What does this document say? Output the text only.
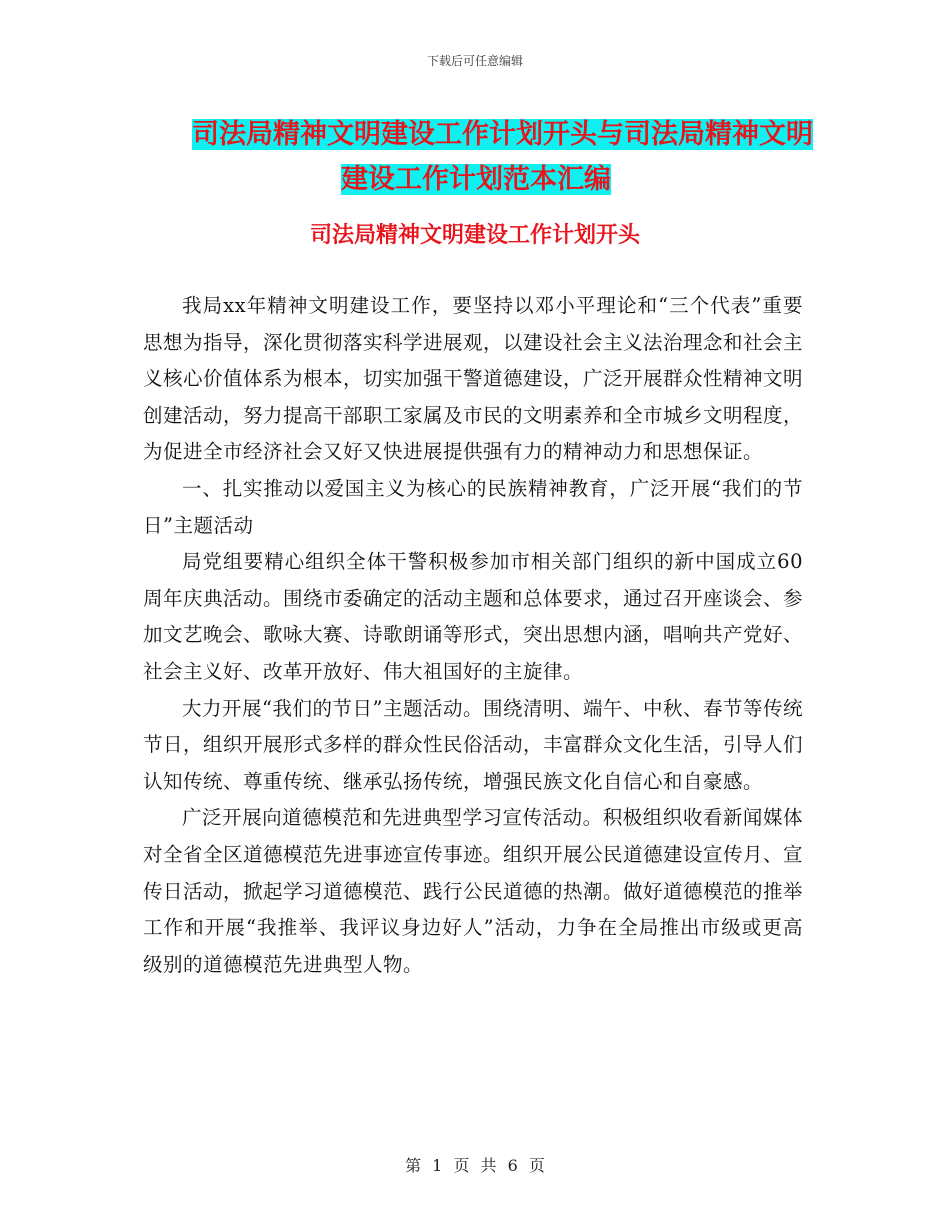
下载后可任意编辑
司法局精神文明建设工作计划开头与司法局精神文明
建设工作计划范本汇编
司法局精神文明建设工作计划开头

我局xx年精神文明建设工作，要坚持以邓小平理论和“三个代表”重要思想为指导，深化贯彻落实科学进展观，以建设社会主义法治理念和社会主义核心价值体系为根本，切实加强干警道德建设，广泛开展群众性精神文明创建活动，努力提高干部职工家属及市民的文明素养和全市城乡文明程度，为促进全市经济社会又好又快进展提供强有力的精神动力和思想保证。

一、扎实推动以爱国主义为核心的民族精神教育，广泛开展“我们的节日”主题活动

局党组要精心组织全体干警积极参加市相关部门组织的新中国成立60周年庆典活动。围绕市委确定的活动主题和总体要求，通过召开座谈会、参加文艺晚会、歌咏大赛、诗歌朗诵等形式，突出思想内涵，唱响共产党好、社会主义好、改革开放好、伟大祖国好的主旋律。

大力开展“我们的节日”主题活动。围绕清明、端午、中秋、春节等传统节日，组织开展形式多样的群众性民俗活动，丰富群众文化生活，引导人们认知传统、尊重传统、继承弘扬传统，增强民族文化自信心和自豪感。

广泛开展向道德模范和先进典型学习宣传活动。积极组织收看新闻媒体对全省全区道德模范先进事迹宣传事迹。组织开展公民道德建设宣传月、宣传日活动，掀起学习道德模范、践行公民道德的热潮。做好道德模范的推举工作和开展“我推举、我评议身边好人”活动，力争在全局推出市级或更高级别的道德模范先进典型人物。

第 1 页 共 6 页
